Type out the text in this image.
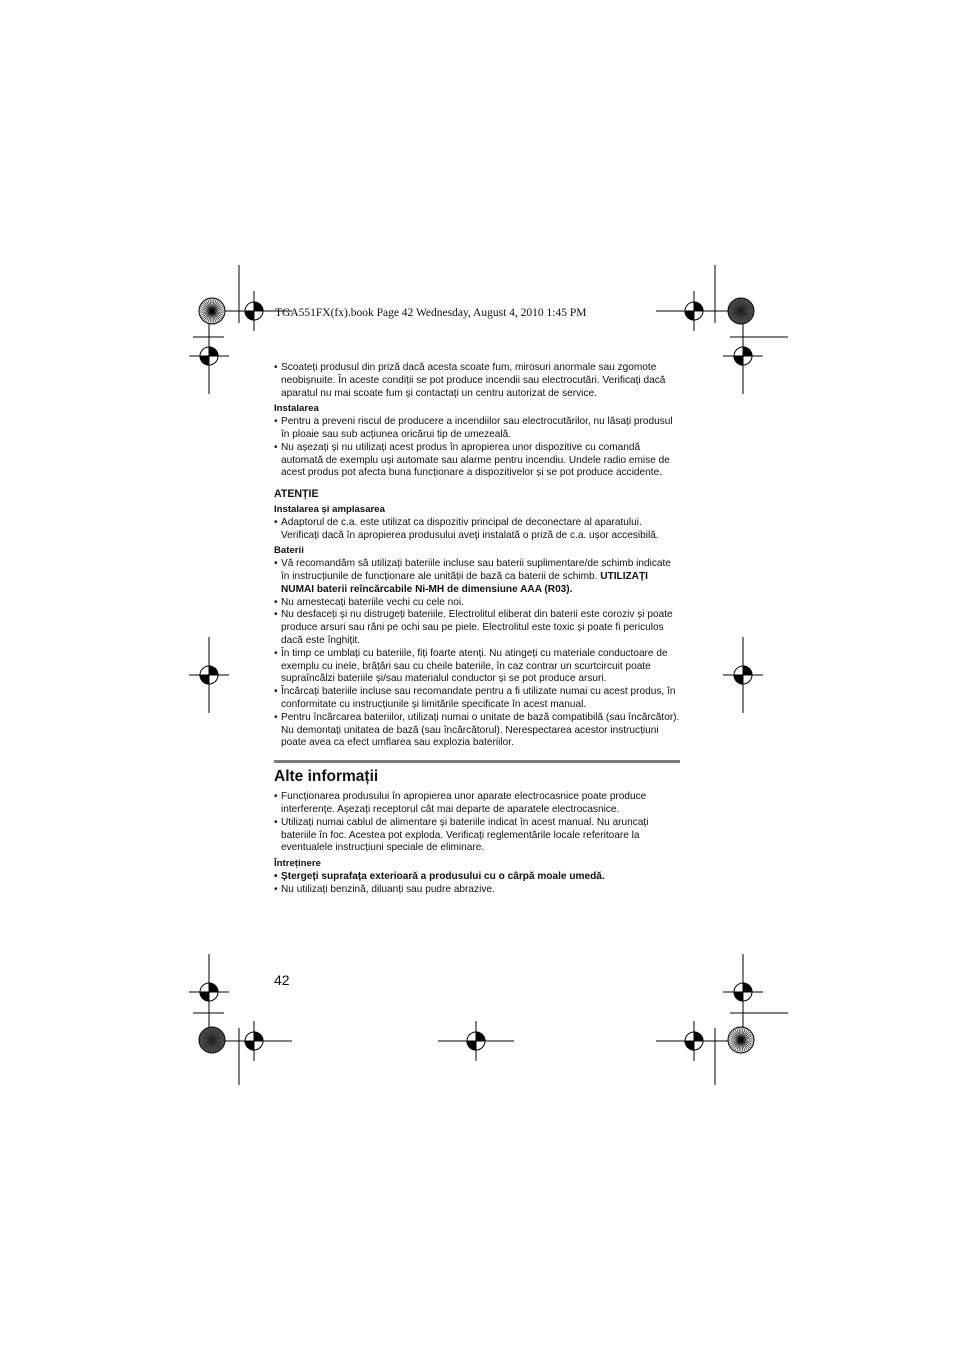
TGA551FX(fx).book Page 42 Wednesday, August 4, 2010 1:45 PM
• Scoateți produsul din priză dacă acesta scoate fum, mirosuri anormale sau zgomote neobișnuite. În aceste condiții se pot produce incendii sau electrocutări. Verificați dacă aparatul nu mai scoate fum și contactați un centru autorizat de service.
Instalarea
• Pentru a preveni riscul de producere a incendiilor sau electrocutărilor, nu lăsați produsul în ploaie sau sub acțiunea oricărui tip de umezeală.
• Nu așezați și nu utilizați acest produs în apropierea unor dispozitive cu comandă automată de exemplu uși automate sau alarme pentru incendiu. Undele radio emise de acest produs pot afecta buna funcționare a dispozitivelor și se pot produce accidente.
ATENȚIE
Instalarea și amplasarea
• Adaptorul de c.a. este utilizat ca dispozitiv principal de deconectare al aparatului. Verificați dacă în apropierea produsului aveți instalată o priză de c.a. ușor accesibilă.
Baterii
• Vă recomandăm să utilizați bateriile incluse sau baterii suplimentare/de schimb indicate în instrucțiunile de funcționare ale unității de bază ca baterii de schimb. UTILIZAȚI NUMAI baterii reîncărcabile Ni-MH de dimensiune AAA (R03).
• Nu amestecați bateriile vechi cu cele noi.
• Nu desfaceți și nu distrugeți bateriile. Electrolitul eliberat din baterii este coroziv și poate produce arsuri sau răni pe ochi sau pe piele. Electrolitul este toxic și poate fi periculos dacă este înghițit.
• În timp ce umblați cu bateriile, fiți foarte atenți. Nu atingeți cu materiale conductoare de exemplu cu inele, brățări sau cu cheile bateriile, în caz contrar un scurtcircuit poate supraîncălzi bateriile și/sau materialul conductor și se pot produce arsuri.
• Încărcați bateriile incluse sau recomandate pentru a fi utilizate numai cu acest produs, în conformitate cu instrucțiunile și limitările specificate în acest manual.
• Pentru încărcarea bateriilor, utilizați numai o unitate de bază compatibilă (sau încărcător). Nu demontați unitatea de bază (sau încărcătorul). Nerespectarea acestor instrucțiuni poate avea ca efect umflarea sau explozia bateriilor.
Alte informații
• Funcționarea produsului în apropierea unor aparate electrocasnice poate produce interferențe. Așezați receptorul cât mai departe de aparatele electrocasnice.
• Utilizați numai cablul de alimentare și bateriile indicat în acest manual. Nu aruncați bateriile în foc. Acestea pot exploda. Verificați reglementările locale referitoare la eventualele instrucțiuni speciale de eliminare.
Întreținere
• Ștergeți suprafața exterioară a produsului cu o cârpă moale umedă.
• Nu utilizați benzină, diluanți sau pudre abrazive.
42
